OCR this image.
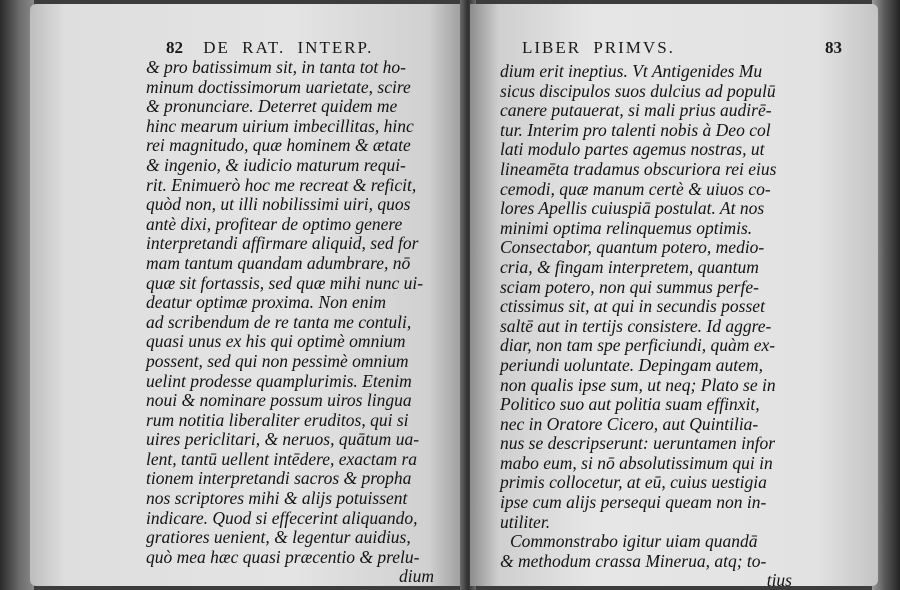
82 DE RAT. INTERP.
& pro batissimum sit, in tanta tot ho-
minum doctissimorum uarietate, scire
& pronunciare. Deterret quidem me
hinc mearum uirium imbecillitas, hinc
rei magnitudo, quæ hominem & ætate
& ingenio, & iudicio maturum requi-
rit. Enimuerò hoc me recreat & reficit,
quòd non, ut illi nobilissimi uiri, quos
antè dixi, profitear de optimo genere
interpretandi affirmare aliquid, sed for
mam tantum quandam adumbrare, nō
quæ sit fortassis, sed quæ mihi nunc ui-
deatur optimæ proxima. Non enim
ad scribendum de re tanta me contuli,
quasi unus ex his qui optimè omnium
possent, sed qui non pessimè omnium
uelint prodesse quamplurimis. Etenim
noui & nominare possum uiros lingua
rum notitia liberaliter eruditos, qui si
uires periclitari, & neruos, quātum ua-
lent, tantū uellent intēdere, exactam ra
tionem interpretandi sacros & propha
nos scriptores mihi & alijs potuissent
indicare. Quod si effecerint aliquando,
gratiores uenient, & legentur auidius,
quò mea hæc quasi præcentio & prelu-
dium
LIBER PRIMVS.	83
dium erit ineptius. Vt Antigenides Mu
sicus discipulos suos dulcius ad populū
canere putauerat, si mali prius audirē-
tur. Interim pro talenti nobis à Deo col
lati modulo partes agemus nostras, ut
lineamēta tradamus obscuriora rei eius
cemodi, quæ manum certè & uiuos co-
lores Apellis cuiuspiā postulat. At nos
minimi optima relinquemus optimis.
Consectabor, quantum potero, medio-
cria, & fingam interpretem, quantum
sciam potero, non qui summus perfe-
ctissimus sit, at qui in secundis posset
saltē aut in tertijs consistere. Id aggre-
diar, non tam spe perficiundi, quàm ex-
periundi uoluntate. Depingam autem,
non qualis ipse sum, ut neq; Plato se in
Politico suo aut politia suam effinxit,
nec in Oratore Cicero, aut Quintilia-
nus se descripserunt: ueruntamen infor
mabo eum, si nō absolutissimum qui in
primis collocetur, at eū, cuius uestigia
ipse cum alijs persequi queam non in-
utiliter.
Commonstrabo igitur uiam quandā
& methodum crassa Minerua, atq; to-
tius
